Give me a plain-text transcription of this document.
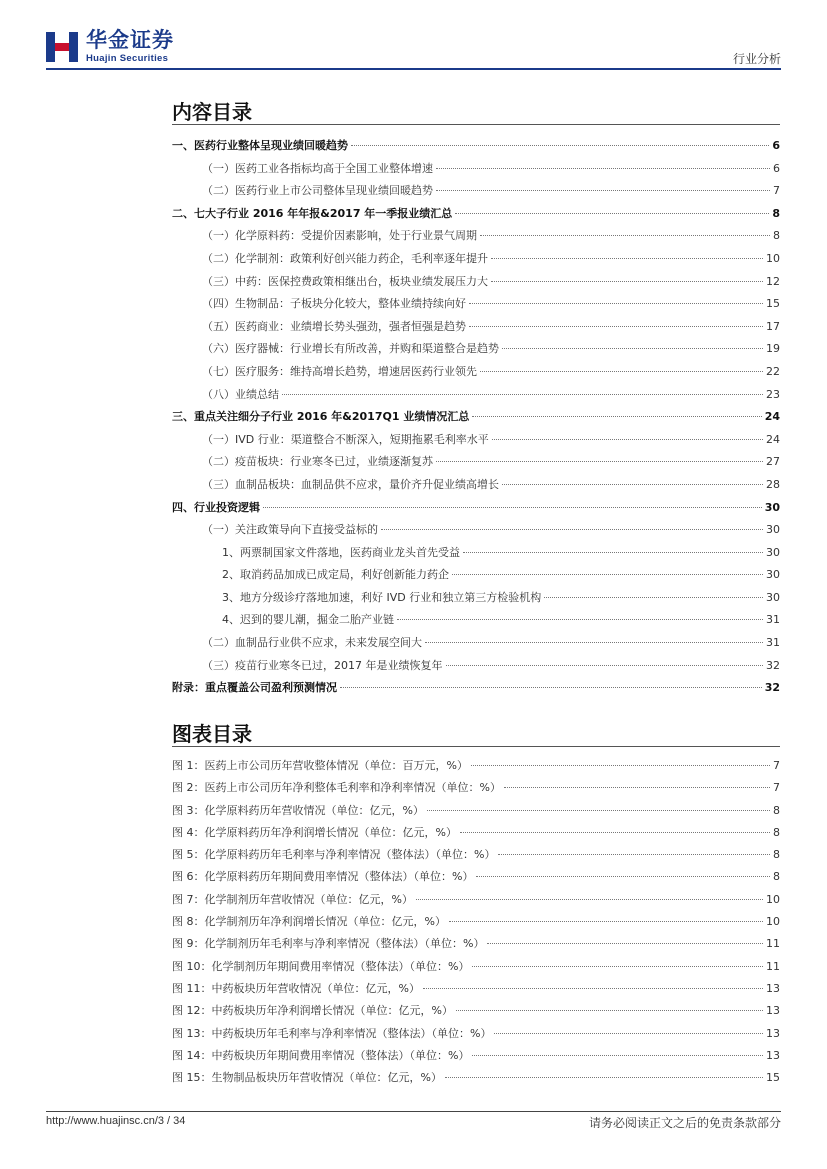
华金证券
Huajin Securities	行业分析
内容目录
一、医药行业整体呈现业绩回暖趋势	6
（一）医药工业各指标均高于全国工业整体增速	6
（二）医药行业上市公司整体呈现业绩回暖趋势	7
二、七大子行业 2016 年年报&2017 年一季报业绩汇总	8
（一）化学原料药：受提价因素影响，处于行业景气周期	8
（二）化学制剂：政策利好创兴能力药企，毛利率逐年提升	10
（三）中药：医保控费政策相继出台，板块业绩发展压力大	12
（四）生物制品：子板块分化较大，整体业绩持续向好	15
（五）医药商业：业绩增长势头强劲，强者恒强是趋势	17
（六）医疗器械：行业增长有所改善，并购和渠道整合是趋势	19
（七）医疗服务：维持高增长趋势，增速居医药行业领先	22
（八）业绩总结	23
三、重点关注细分子行业 2016 年&2017Q1 业绩情况汇总	24
（一）IVD 行业：渠道整合不断深入，短期拖累毛利率水平	24
（二）疫苗板块：行业寒冬已过，业绩逐渐复苏	27
（三）血制品板块：血制品供不应求，量价齐升促业绩高增长	28
四、行业投资逻辑	30
（一）关注政策导向下直接受益标的	30
1、两票制国家文件落地，医药商业龙头首先受益	30
2、取消药品加成已成定局，利好创新能力药企	30
3、地方分级诊疗落地加速，利好 IVD 行业和独立第三方检验机构	30
4、迟到的婴儿潮，掘金二胎产业链	31
（二）血制品行业供不应求，未来发展空间大	31
（三）疫苗行业寒冬已过，2017 年是业绩恢复年	32
附录：重点覆盖公司盈利预测情况	32
图表目录
图 1：医药上市公司历年营收整体情况（单位：百万元，%）	7
图 2：医药上市公司历年净利整体毛利率和净利率情况（单位：%）	7
图 3：化学原料药历年营收情况（单位：亿元，%）	8
图 4：化学原料药历年净利润增长情况（单位：亿元，%）	8
图 5：化学原料药历年毛利率与净利率情况（整体法）（单位：%）	8
图 6：化学原料药历年期间费用率情况（整体法）（单位：%）	8
图 7：化学制剂历年营收情况（单位：亿元，%）	10
图 8：化学制剂历年净利润增长情况（单位：亿元，%）	10
图 9：化学制剂历年毛利率与净利率情况（整体法）（单位：%）	11
图 10：化学制剂历年期间费用率情况（整体法）（单位：%）	11
图 11：中药板块历年营收情况（单位：亿元，%）	13
图 12：中药板块历年净利润增长情况（单位：亿元，%）	13
图 13：中药板块历年毛利率与净利率情况（整体法）（单位：%）	13
图 14：中药板块历年期间费用率情况（整体法）（单位：%）	13
图 15：生物制品板块历年营收情况（单位：亿元，%）	15
http://www.huajinsc.cn/3 / 34	请务必阅读正文之后的免责条款部分
